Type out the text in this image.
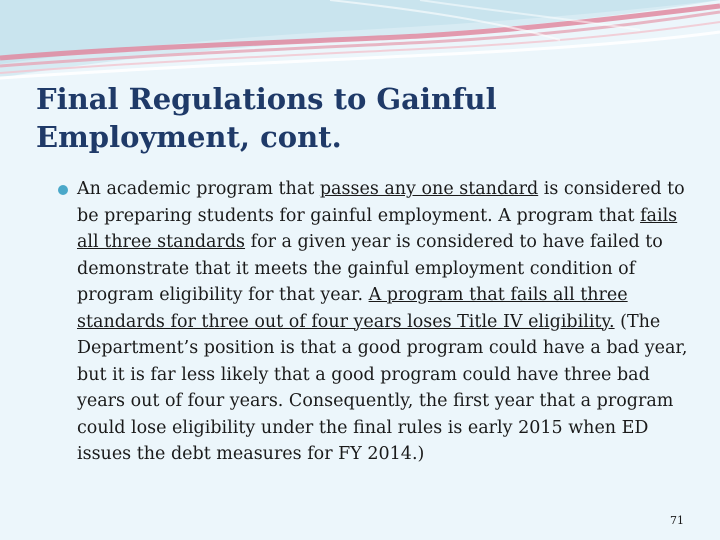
Final Regulations to Gainful Employment, cont.

An academic program that passes any one standard is considered to be preparing students for gainful employment. A program that fails all three standards for a given year is considered to have failed to demonstrate that it meets the gainful employment condition of program eligibility for that year. A program that fails all three standards for three out of four years loses Title IV eligibility. (The Department’s position is that a good program could have a bad year, but it is far less likely that a good program could have three bad years out of four years. Consequently, the first year that a program could lose eligibility under the final rules is early 2015 when ED issues the debt measures for FY 2014.)

71
